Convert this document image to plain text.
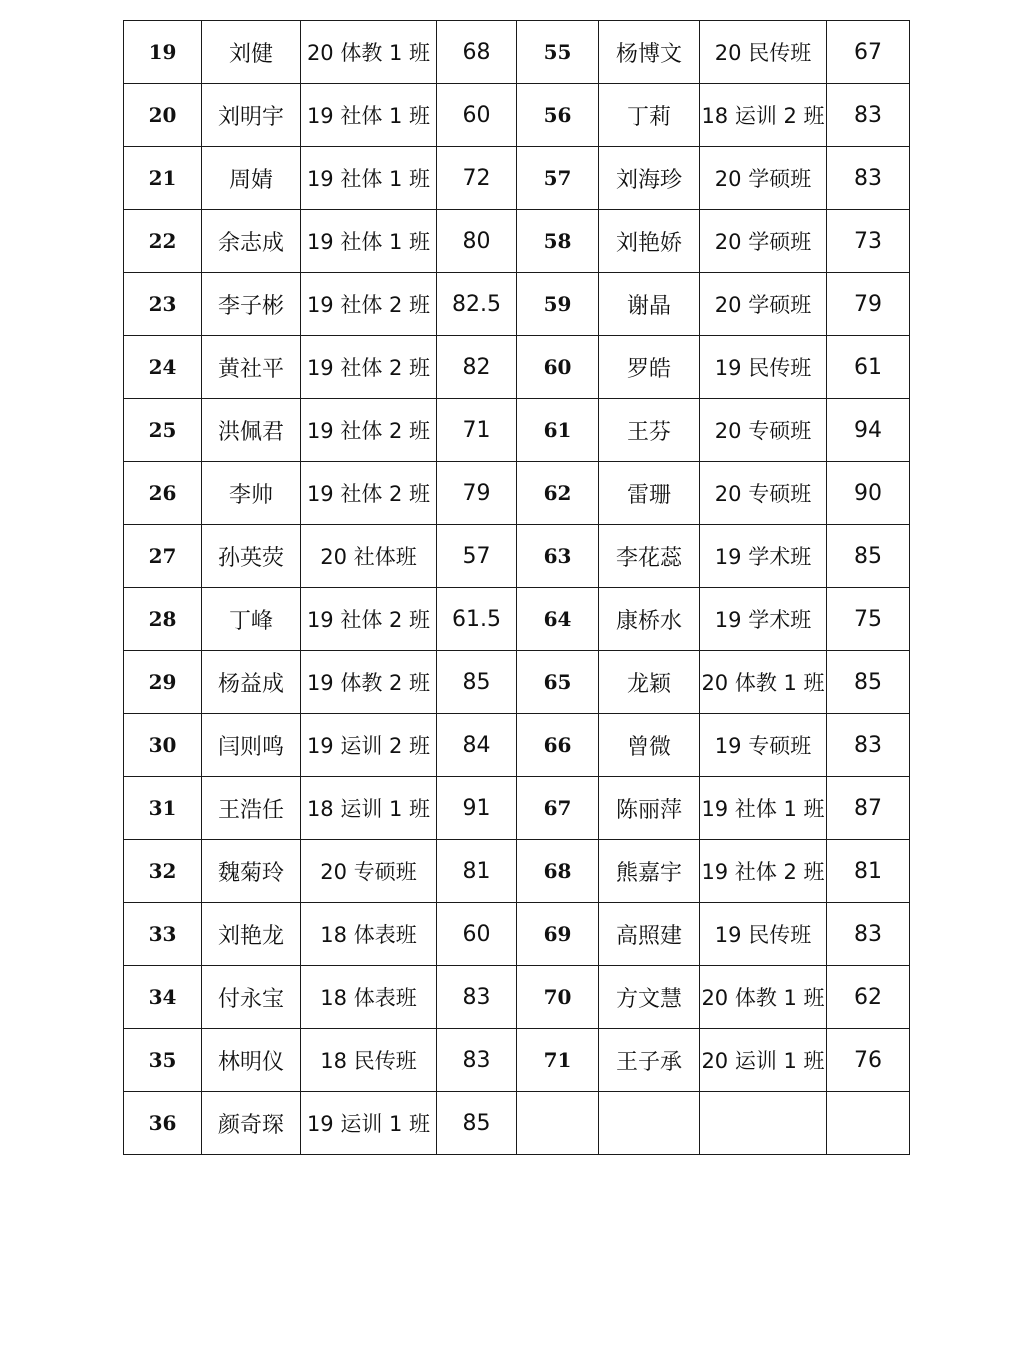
19	刘健	20 体教 1 班	68	55	杨博文	20 民传班	67
20	刘明宇	19 社体 1 班	60	56	丁莉	18 运训 2 班	83
21	周婧	19 社体 1 班	72	57	刘海珍	20 学硕班	83
22	余志成	19 社体 1 班	80	58	刘艳娇	20 学硕班	73
23	李子彬	19 社体 2 班	82.5	59	谢晶	20 学硕班	79
24	黄社平	19 社体 2 班	82	60	罗皓	19 民传班	61
25	洪佩君	19 社体 2 班	71	61	王芬	20 专硕班	94
26	李帅	19 社体 2 班	79	62	雷珊	20 专硕班	90
27	孙英荧	20 社体班	57	63	李花蕊	19 学术班	85
28	丁峰	19 社体 2 班	61.5	64	康桥水	19 学术班	75
29	杨益成	19 体教 2 班	85	65	龙颖	20 体教 1 班	85
30	闫则鸣	19 运训 2 班	84	66	曾微	19 专硕班	83
31	王浩任	18 运训 1 班	91	67	陈丽萍	19 社体 1 班	87
32	魏菊玲	20 专硕班	81	68	熊嘉宇	19 社体 2 班	81
33	刘艳龙	18 体表班	60	69	高照建	19 民传班	83
34	付永宝	18 体表班	83	70	方文慧	20 体教 1 班	62
35	林明仪	18 民传班	83	71	王子承	20 运训 1 班	76
36	颜奇琛	19 运训 1 班	85				
